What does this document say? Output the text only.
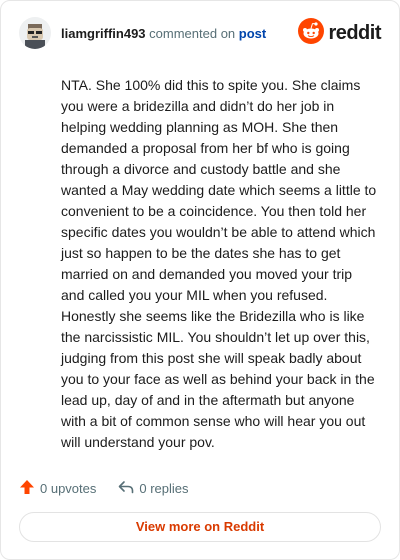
liamgriffin493 commented on post	reddit
NTA. She 100% did this to spite you. She claims you were a bridezilla and didn’t do her job in helping wedding planning as MOH. She then demanded a proposal from her bf who is going through a divorce and custody battle and she wanted a May wedding date which seems a little to convenient to be a coincidence. You then told her specific dates you wouldn’t be able to attend which just so happen to be the dates she has to get married on and demanded you moved your trip and called you your MIL when you refused. Honestly she seems like the Bridezilla who is like the narcissistic MIL. You shouldn’t let up over this, judging from this post she will speak badly about you to your face as well as behind your back in the lead up, day of and in the aftermath but anyone with a bit of common sense who will hear you out will understand your pov.
0 upvotes	0 replies
View more on Reddit
